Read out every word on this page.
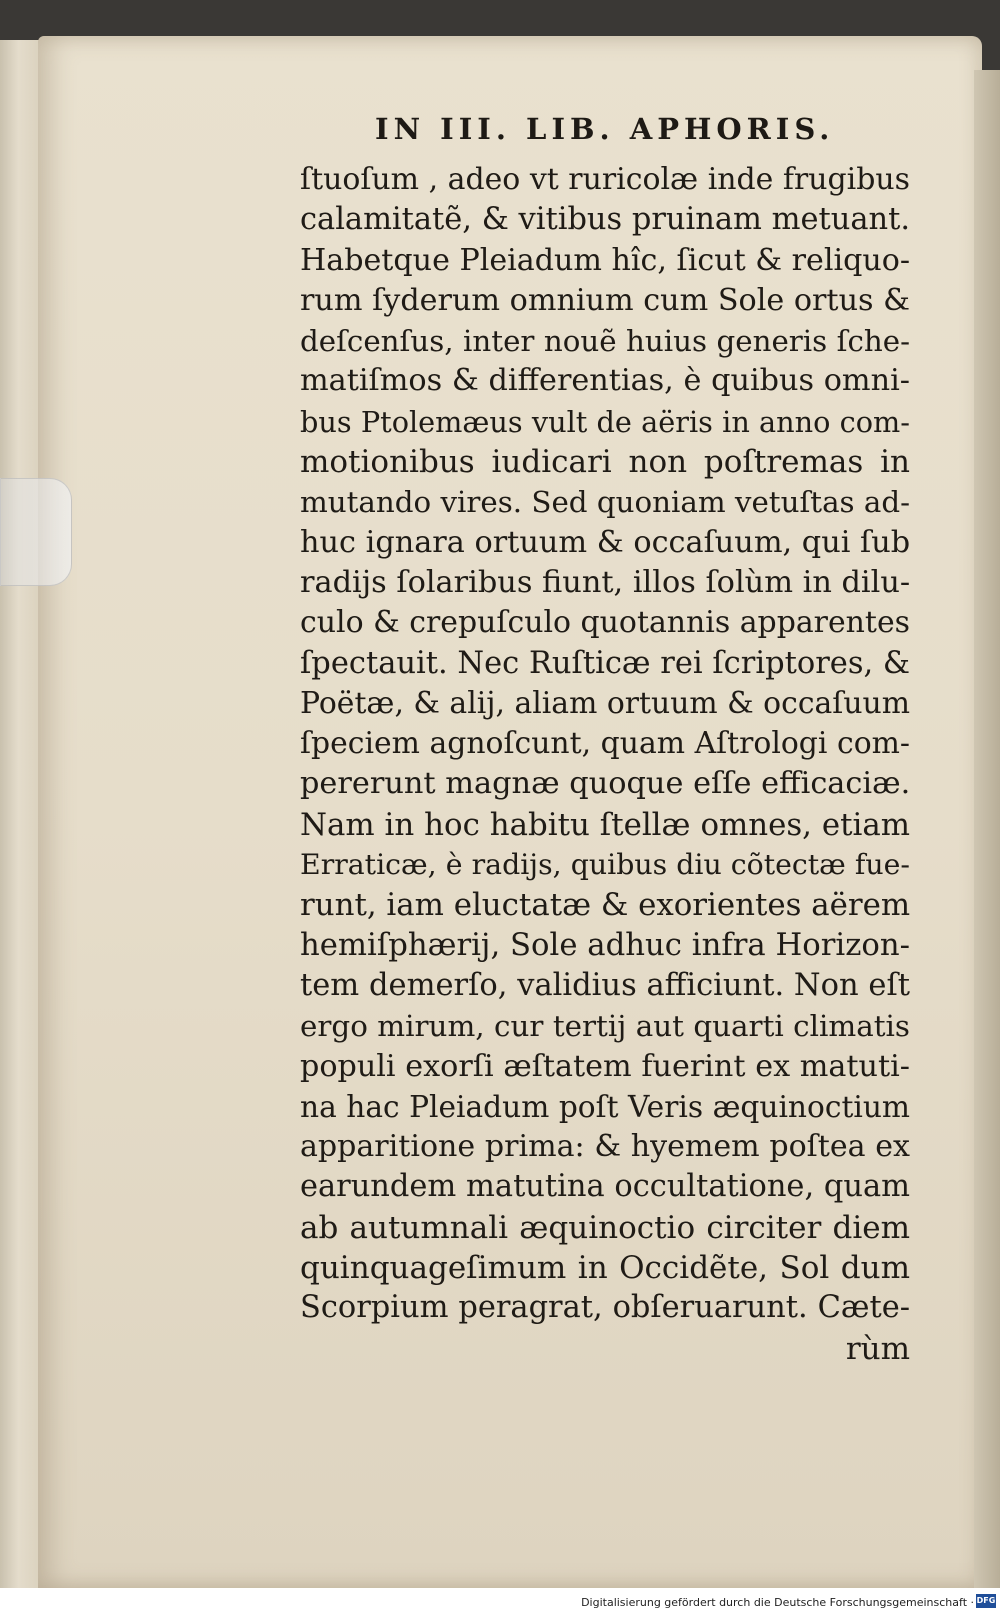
IN III. LIB. APHORIS.
ſtuoſum , adeo vt ruricolæ inde frugibus
calamitatẽ, & vitibus pruinam metuant.
Habetque Pleiadum hîc, ſicut & reliquo-
rum ſyderum omnium cum Sole ortus &
deſcenſus, inter nouẽ huius generis ſche-
matiſmos & differentias, è quibus omni-
bus Ptolemæus vult de aëris in anno com-
motionibus iudicari non poſtremas in
mutando vires. Sed quoniam vetuſtas ad-
huc ignara ortuum & occaſuum, qui ſub
radijs ſolaribus fiunt, illos ſolùm in dilu-
culo & crepuſculo quotannis apparentes
ſpectauit. Nec Ruſticæ rei ſcriptores, &
Poëtæ, & alij, aliam ortuum & occaſuum
ſpeciem agnoſcunt, quam Aſtrologi com-
pererunt magnæ quoque eſſe efficaciæ.
Nam in hoc habitu ſtellæ omnes, etiam
Erraticæ, è radijs, quibus diu cõtectæ fue-
runt, iam eluctatæ & exorientes aërem
hemiſphærij, Sole adhuc infra Horizon-
tem demerſo, validius afficiunt. Non eſt
ergo mirum, cur tertij aut quarti climatis
populi exorſi æſtatem fuerint ex matuti-
na hac Pleiadum poſt Veris æquinoctium
apparitione prima: & hyemem poſtea ex
earundem matutina occultatione, quam
ab autumnali æquinoctio circiter diem
quinquageſimum in Occidẽte, Sol dum
Scorpium peragrat, obſeruarunt. Cæte-
rùm
Digitalisierung gefördert durch die Deutsche Forschungsgemeinschaft · DFG
